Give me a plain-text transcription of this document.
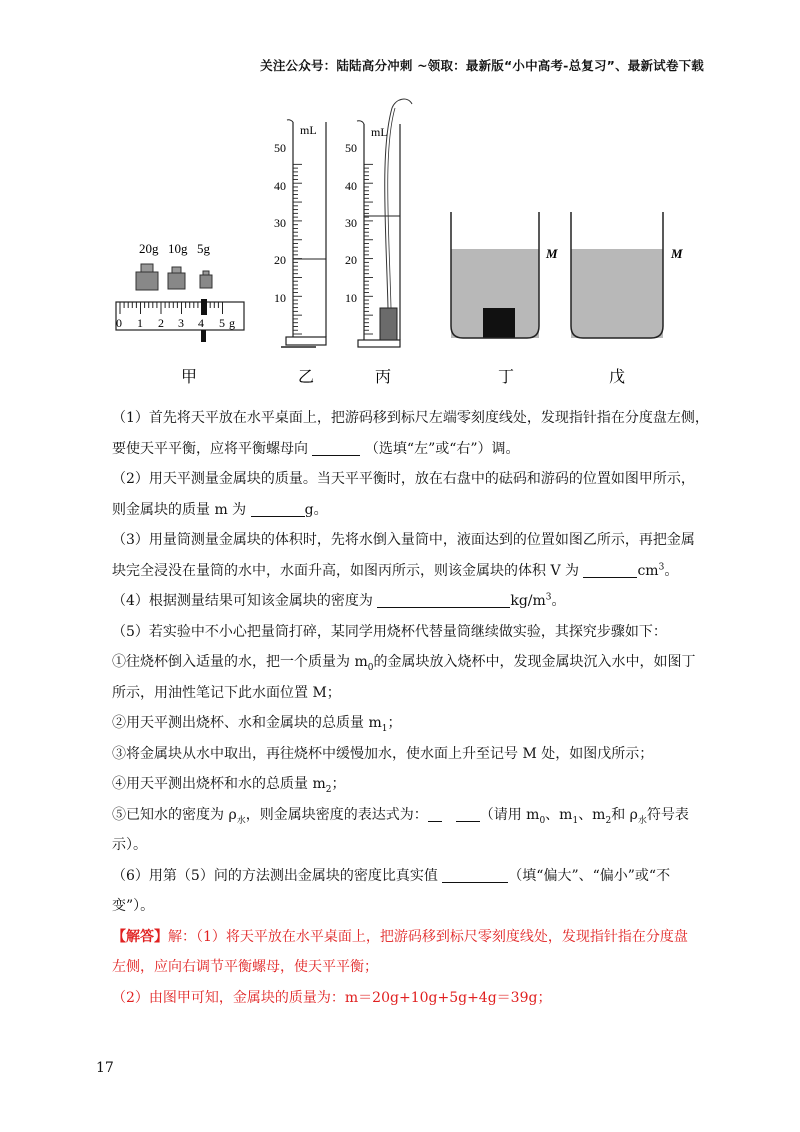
关注公众号：陆陆高分冲刺 ~领取：最新版“小中高考-总复习”、最新试卷下载
20g 10g 5g
0 1 2 3 4 5 g
mL
50
40
30
20
10
mL
50
40
30
20
10
M	M
甲	乙	丙	丁	戊

（1）首先将天平放在水平桌面上，把游码移到标尺左端零刻度线处，发现指针指在分度盘左侧，

要使天平平衡，应将平衡螺母向	（选填“左”或“右”）调。

（2）用天平测量金属块的质量。当天平平衡时，放在右盘中的砝码和游码的位置如图甲所示，

则金属块的质量 m 为	g。

（3）用量筒测量金属块的体积时，先将水倒入量筒中，液面达到的位置如图乙所示，再把金属

块完全浸没在量筒的水中，水面升高，如图丙所示，则该金属块的体积 V 为	$cm^3$。

（4）根据测量结果可知该金属块的密度为	$kg/m^3$。

（5）若实验中不小心把量筒打碎，某同学用烧杯代替量筒继续做实验，其探究步骤如下：

①往烧杯倒入适量的水，把一个质量为 $m_0$的金属块放入烧杯中，发现金属块沉入水中，如图丁

所示，用油性笔记下此水面位置 M；

②用天平测出烧杯、水和金属块的总质量 $m_1$；

③将金属块从水中取出，再往烧杯中缓慢加水，使水面上升至记号 M 处，如图戊所示；

④用天平测出烧杯和水的总质量 $m_2$；

⑤已知水的密度为 $\rho_水$，则金属块密度的表达式为： 	（请用 $m_0$、$m_1$、$m_2$和 $\rho_水$符号表

示）。

（6）用第（5）问的方法测出金属块的密度比真实值	（填“偏大”、“偏小”或“不

变”）。

【解答】解：（1）将天平放在水平桌面上，把游码移到标尺零刻度线处，发现指针指在分度盘

左侧，应向右调节平衡螺母，使天平平衡；

（2）由图甲可知，金属块的质量为：m＝20g+10g+5g+4g＝39g；

17
